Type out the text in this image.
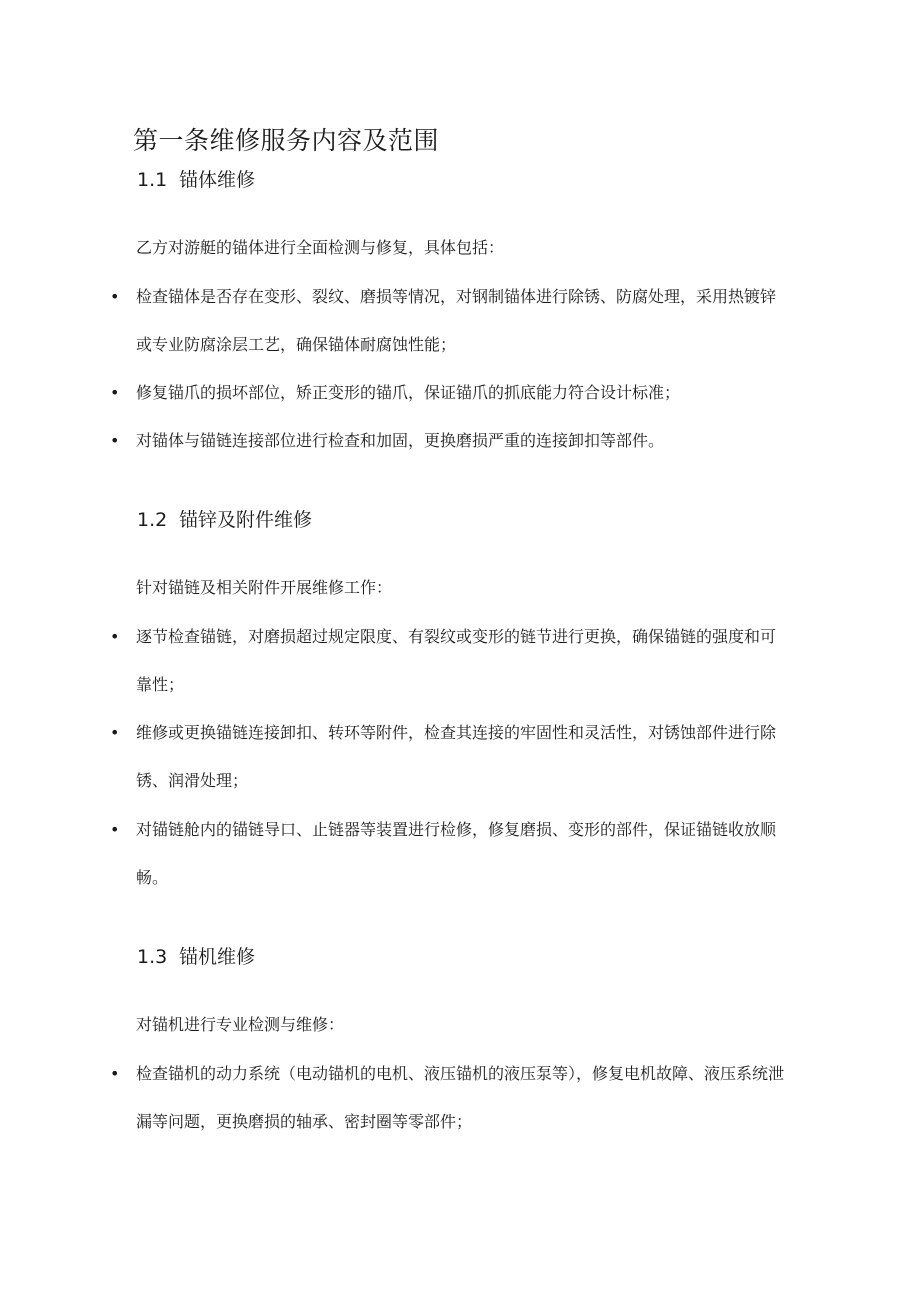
第一条维修服务内容及范围
1.1 锚体维修
乙方对游艇的锚体进行全面检测与修复，具体包括：
• 检查锚体是否存在变形、裂纹、磨损等情况，对钢制锚体进行除锈、防腐处理，采用热镀锌或专业防腐涂层工艺，确保锚体耐腐蚀性能；
• 修复锚爪的损坏部位，矫正变形的锚爪，保证锚爪的抓底能力符合设计标准；
• 对锚体与锚链连接部位进行检查和加固，更换磨损严重的连接卸扣等部件。
1.2 锚锌及附件维修
针对锚链及相关附件开展维修工作：
• 逐节检查锚链，对磨损超过规定限度、有裂纹或变形的链节进行更换，确保锚链的强度和可靠性；
• 维修或更换锚链连接卸扣、转环等附件，检查其连接的牢固性和灵活性，对锈蚀部件进行除锈、润滑处理；
• 对锚链舱内的锚链导口、止链器等装置进行检修，修复磨损、变形的部件，保证锚链收放顺畅。
1.3 锚机维修
对锚机进行专业检测与维修：
• 检查锚机的动力系统（电动锚机的电机、液压锚机的液压泵等），修复电机故障、液压系统泄漏等问题，更换磨损的轴承、密封圈等零部件；
